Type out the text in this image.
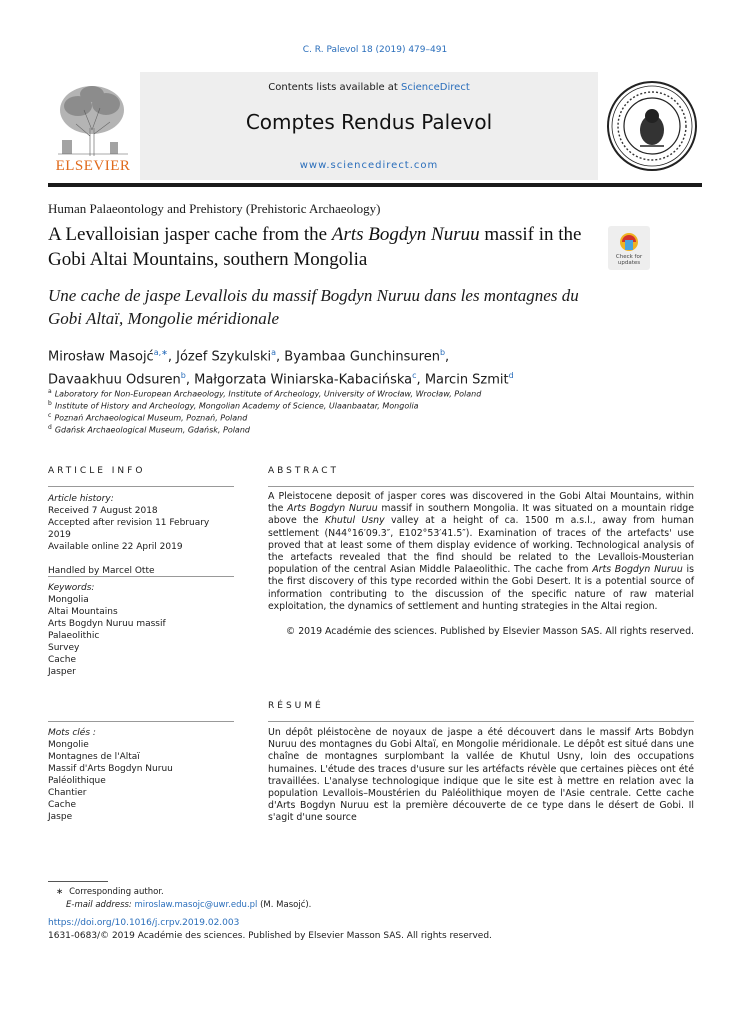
C. R. Palevol 18 (2019) 479–491
Contents lists available at ScienceDirect
Comptes Rendus Palevol
www.sciencedirect.com
ELSEVIER
Human Palaeontology and Prehistory (Prehistoric Archaeology)
A Levalloisian jasper cache from the Arts Bogdyn Nuruu massif in the Gobi Altai Mountains, southern Mongolia	Check for updates
Une cache de jaspe Levallois du massif Bogdyn Nuruu dans les montagnes du Gobi Altaï, Mongolie méridionale
Mirosław Masojć$^{a,∗}$, Józef Szykulski$^a$, Byambaa Gunchinsuren$^b$,
Davaakhuu Odsuren$^b$, Małgorzata Winiarska-Kabacińska$^c$, Marcin Szmit$^d$
$^a$ Laboratory for Non-European Archaeology, Institute of Archeology, University of Wrocław, Wrocław, Poland
$^b$ Institute of History and Archeology, Mongolian Academy of Science, Ulaanbaatar, Mongolia
$^c$ Poznań Archaeological Museum, Poznań, Poland
$^d$ Gdańsk Archaeological Museum, Gdańsk, Poland
ARTICLE INFO	ABSTRACT
Article history:
Received 7 August 2018
Accepted after revision 11 February 2019
Available online 22 April 2019
Handled by Marcel Otte
Keywords:
Mongolia
Altai Mountains
Arts Bogdyn Nuruu massif
Palaeolithic
Survey
Cache
Jasper
A Pleistocene deposit of jasper cores was discovered in the Gobi Altai Mountains, within the Arts Bogdyn Nuruu massif in southern Mongolia. It was situated on a mountain ridge above the Khutul Usny valley at a height of ca. 1500 m a.s.l., away from human settlement (N44°16′09.3″, E102°53′41.5″). Examination of traces of the artefacts' use proved that at least some of them display evidence of working. Technological analysis of the artefacts revealed that the find should be related to the Levallois-Mousterian population of the central Asian Middle Palaeolithic. The cache from Arts Bogdyn Nuruu is the first discovery of this type recorded within the Gobi Desert. It is a potential source of information contributing to the discussion of the specific nature of raw material exploitation, the dynamics of settlement and hunting strategies in the Altai region.
© 2019 Académie des sciences. Published by Elsevier Masson SAS. All rights reserved.
RÉSUMÉ
Mots clés :
Mongolie
Montagnes de l'Altaï
Massif d'Arts Bogdyn Nuruu
Paléolithique
Chantier
Cache
Jaspe
Un dépôt pléistocène de noyaux de jaspe a été découvert dans le massif Arts Bobdyn Nuruu des montagnes du Gobi Altaï, en Mongolie méridionale. Le dépôt est situé dans une chaîne de montagnes surplombant la vallée de Khutul Usny, loin des occupations humaines. L'étude des traces d'usure sur les artéfacts révèle que certaines pièces ont été travaillées. L'analyse technologique indique que le site est à mettre en relation avec la population Levallois–Moustérien du Paléolithique moyen de l'Asie centrale. Cette cache d'Arts Bogdyn Nuruu est la première découverte de ce type dans le désert de Gobi. Il s'agit d'une source
∗ Corresponding author.
E-mail address: miroslaw.masojc@uwr.edu.pl (M. Masojć).
https://doi.org/10.1016/j.crpv.2019.02.003
1631-0683/© 2019 Académie des sciences. Published by Elsevier Masson SAS. All rights reserved.
